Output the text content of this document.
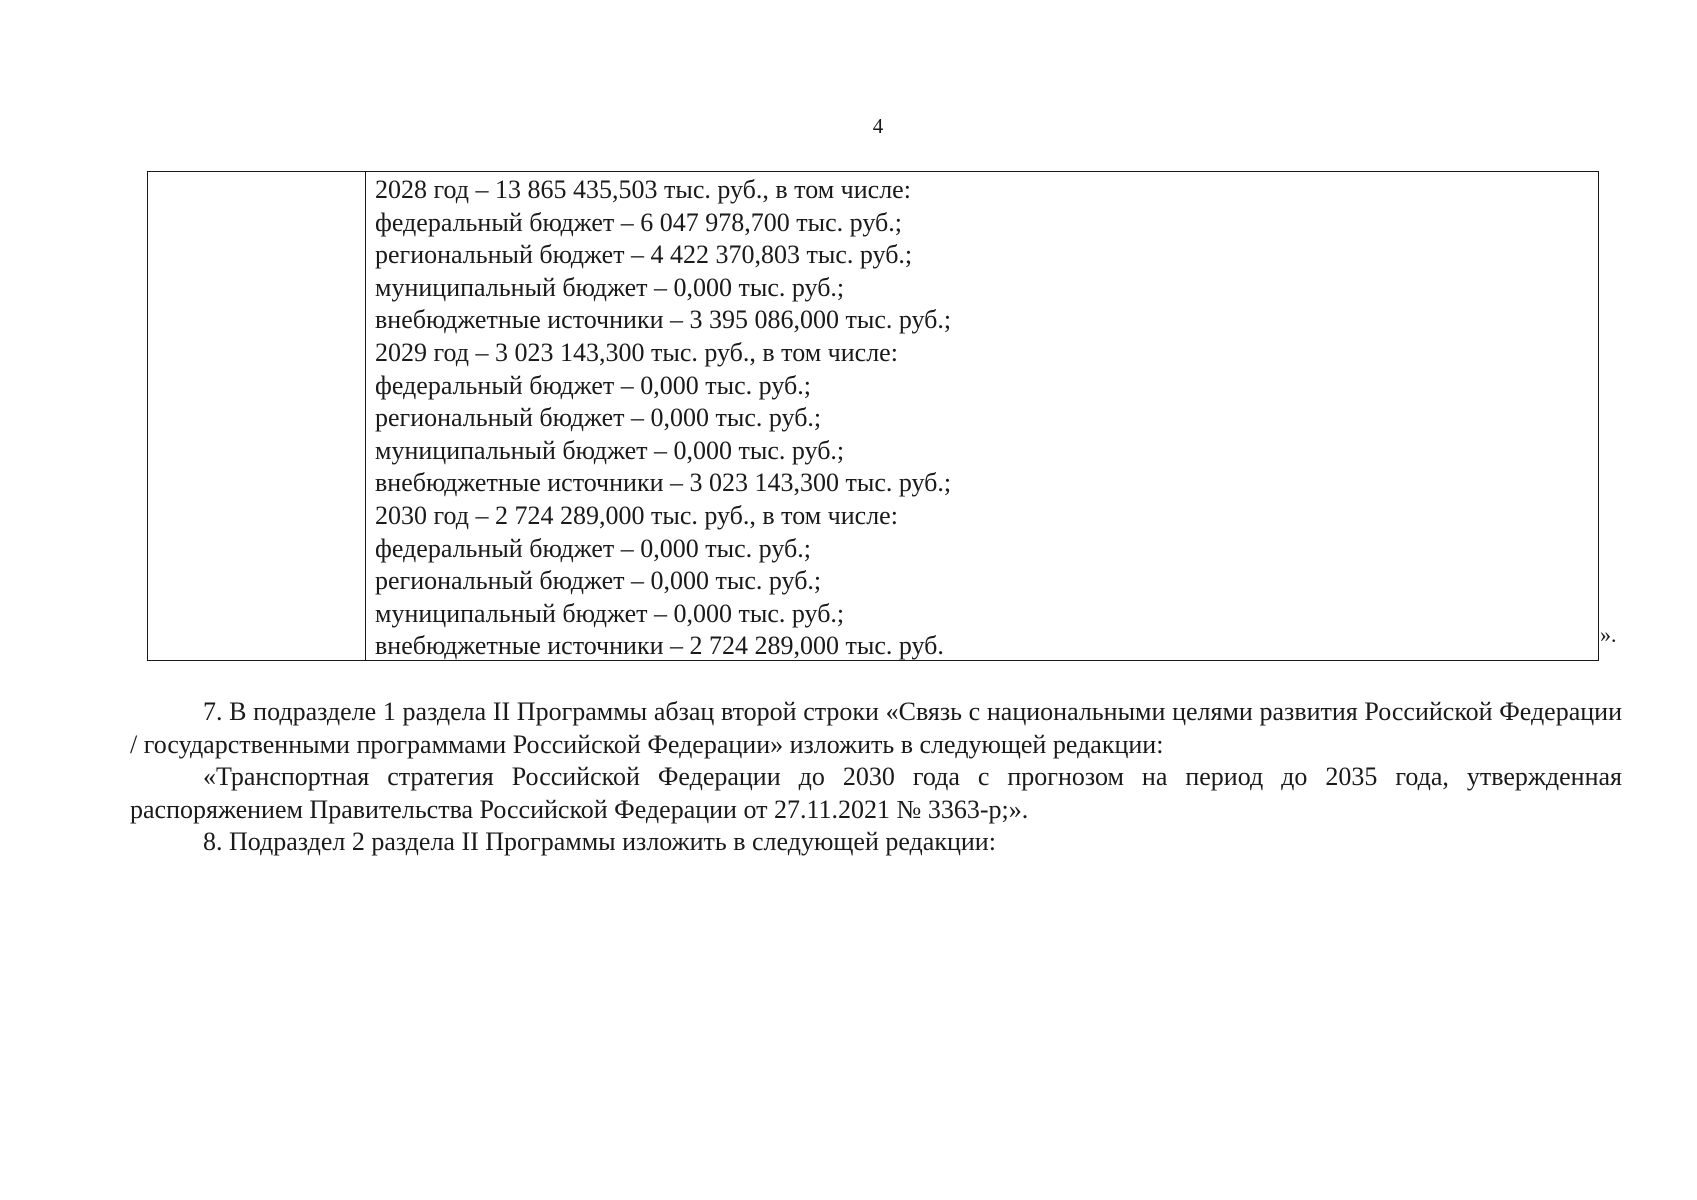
4
2028 год – 13 865 435,503 тыс. руб., в том числе:
федеральный бюджет – 6 047 978,700 тыс. руб.;
региональный бюджет – 4 422 370,803 тыс. руб.;
муниципальный бюджет – 0,000 тыс. руб.;
внебюджетные источники – 3 395 086,000 тыс. руб.;
2029 год – 3 023 143,300 тыс. руб., в том числе:
федеральный бюджет – 0,000 тыс. руб.;
региональный бюджет – 0,000 тыс. руб.;
муниципальный бюджет – 0,000 тыс. руб.;
внебюджетные источники – 3 023 143,300 тыс. руб.;
2030 год – 2 724 289,000 тыс. руб., в том числе:
федеральный бюджет – 0,000 тыс. руб.;
региональный бюджет – 0,000 тыс. руб.;
муниципальный бюджет – 0,000 тыс. руб.;
внебюджетные источники – 2 724 289,000 тыс. руб.	».

7. В подразделе 1 раздела II Программы абзац второй строки «Связь с национальными целями развития Российской Федерации / государственными программами Российской Федерации» изложить в следующей редакции:

«Транспортная стратегия Российской Федерации до 2030 года с прогнозом на период до 2035 года, утвержденная распоряжением Правительства Российской Федерации от 27.11.2021 № 3363-р;».

8. Подраздел 2 раздела II Программы изложить в следующей редакции:
